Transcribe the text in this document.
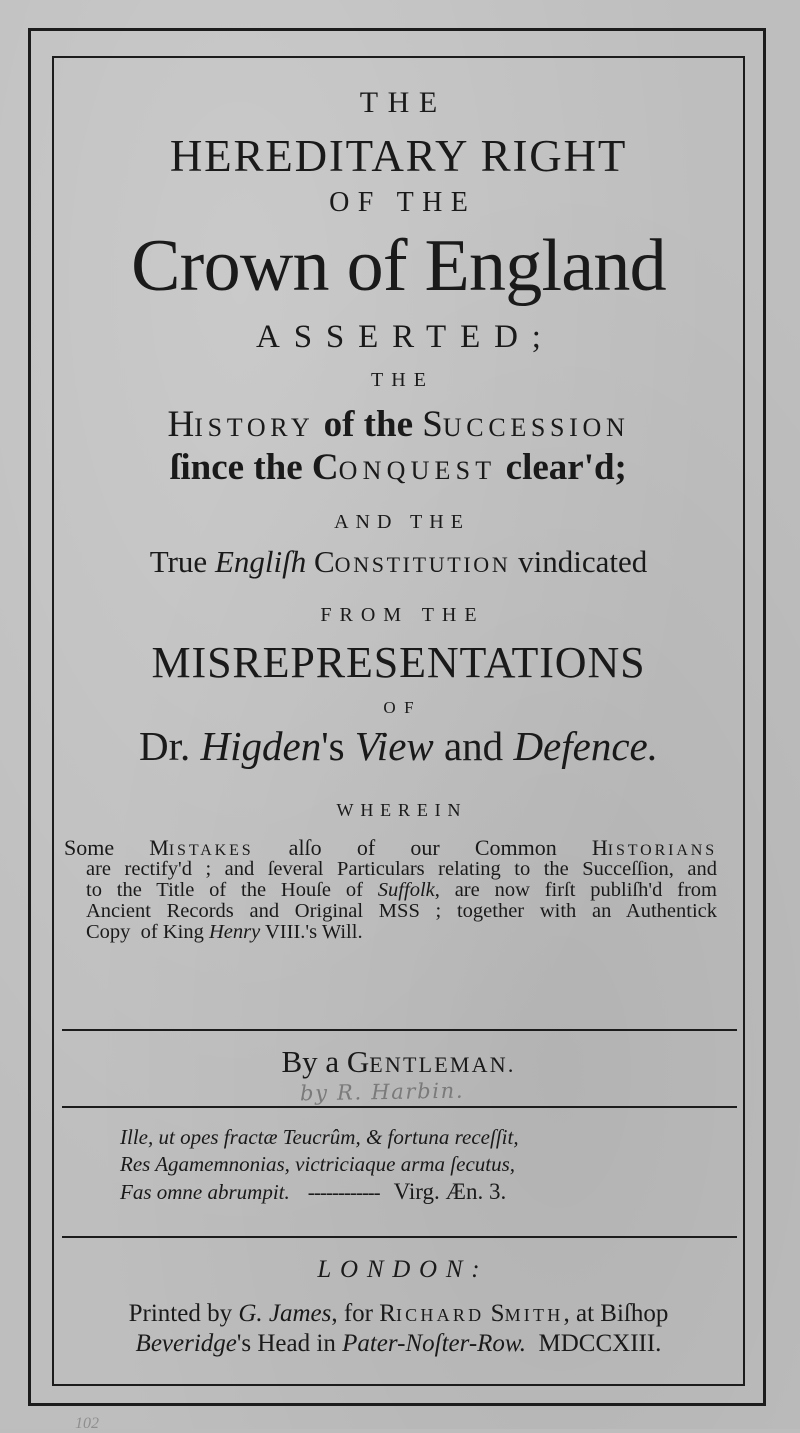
THE
HEREDITARY RIGHT
OF THE
Crown of England
ASSERTED;
THE
HISTORY of the SUCCESSION
ſince the CONQUEST clear'd;
AND THE
True Engliſh CONSTITUTION vindicated
FROM THE
MISREPRESENTATIONS
OF
Dr. Higden's View and Defence.
WHEREIN
Some MISTAKES alſo of our Common HISTORIANS
are rectify'd ; and ſeveral Particulars relating to the Succeſſion, and
to the Title of the Houſe of Suffolk, are now firſt publiſh'd from
Ancient Records and Original MSS ; together with an Authentick
Copy  of King Henry VIII.'s Will.
By a GENTLEMAN.
by R. Harbin.
Ille, ut opes fractæ Teucrûm, & fortuna receſſit,
Res Agamemnonias, victriciaque arma ſecutus,
Fas omne abrumpit. ------------ Virg. Æn. 3.
LONDON:
Printed by G. James, for RICHARD SMITH, at Biſhop
Beveridge's Head in Pater-Noſter-Row.  MDCCXIII.
102
